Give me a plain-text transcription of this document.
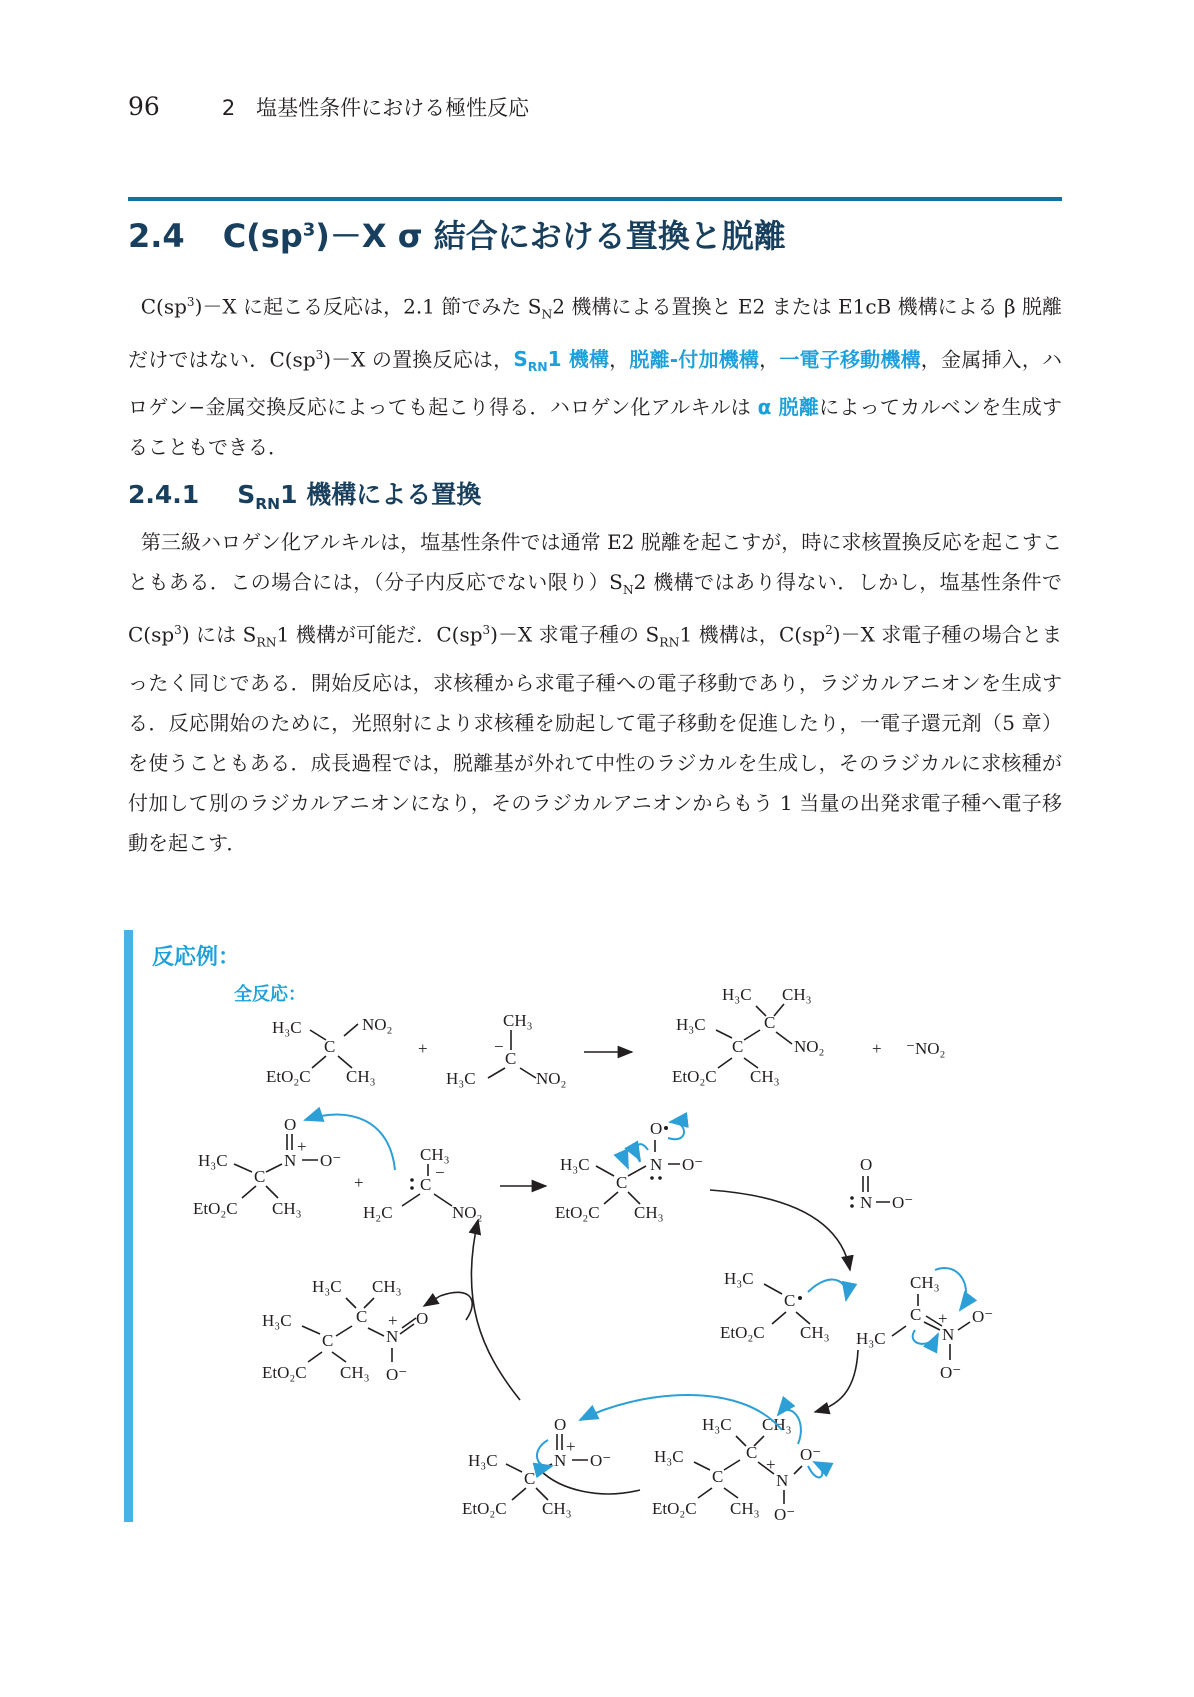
96	2　塩基性条件における極性反応
2.4 $C(sp^3)-X$ σ 結合における置換と脱離
$C(sp^3)-X$ に起こる反応は，2.1 節でみた $S_N2$ 機構による置換と E2 または E1cB 機構による β 脱離だけではない．$C(sp^3)-X$ の置換反応は，$S_{RN}1$ 機構，脱離-付加機構，一電子移動機構，金属挿入，ハロゲン−金属交換反応によっても起こり得る．ハロゲン化アルキルは α 脱離によってカルベンを生成することもできる．
2.4.1 $S_{RN}1$ 機構による置換
第三級ハロゲン化アルキルは，塩基性条件では通常 E2 脱離を起こすが，時に求核置換反応を起こすこともある．この場合には，（分子内反応でない限り）$S_N2$ 機構ではあり得ない．しかし，塩基性条件で $C(sp^3)$ には $S_{RN}1$ 機構が可能だ．$C(sp^3)-X$ 求電子種の $S_{RN}1$ 機構は，$C(sp^2)-X$ 求電子種の場合とまったく同じである．開始反応は，求核種から求電子種への電子移動であり，ラジカルアニオンを生成する．反応開始のために，光照射により求核種を励起して電子移動を促進したり，一電子還元剤（5 章）を使うこともある．成長過程では，脱離基が外れて中性のラジカルを生成し，そのラジカルに求核種が付加して別のラジカルアニオンになり，そのラジカルアニオンからもう 1 当量の出発求電子種へ電子移動を起こす．
反応例：
全反応：
H₃C	NO₂
C
EtO₂C CH₃
+
CH₃
−
C
H₃C	NO₂
H₃C CH₃
C
H₃C
C	NO₂
EtO₂C CH₃
+ ⁻NO₂
O
N
+
O⁻
H₃C
C
EtO₂C CH₃
+
CH₃
C
−
H₂C	NO₂
O
N O⁻
H₃C
C
EtO₂C CH₃
O
N O⁻
H₃C
C
EtO₂C CH₃
CH₃
C
H₃C	N
+ O⁻
O⁻
H₃C CH₃
C
H₃C
C	N
+
O⁻
O⁻
EtO₂C CH₃
O
N
+
O⁻
H₃C
C
EtO₂C CH₃
H₃C CH₃
C
H₃C
C	N
+ O
O⁻
EtO₂C CH₃
